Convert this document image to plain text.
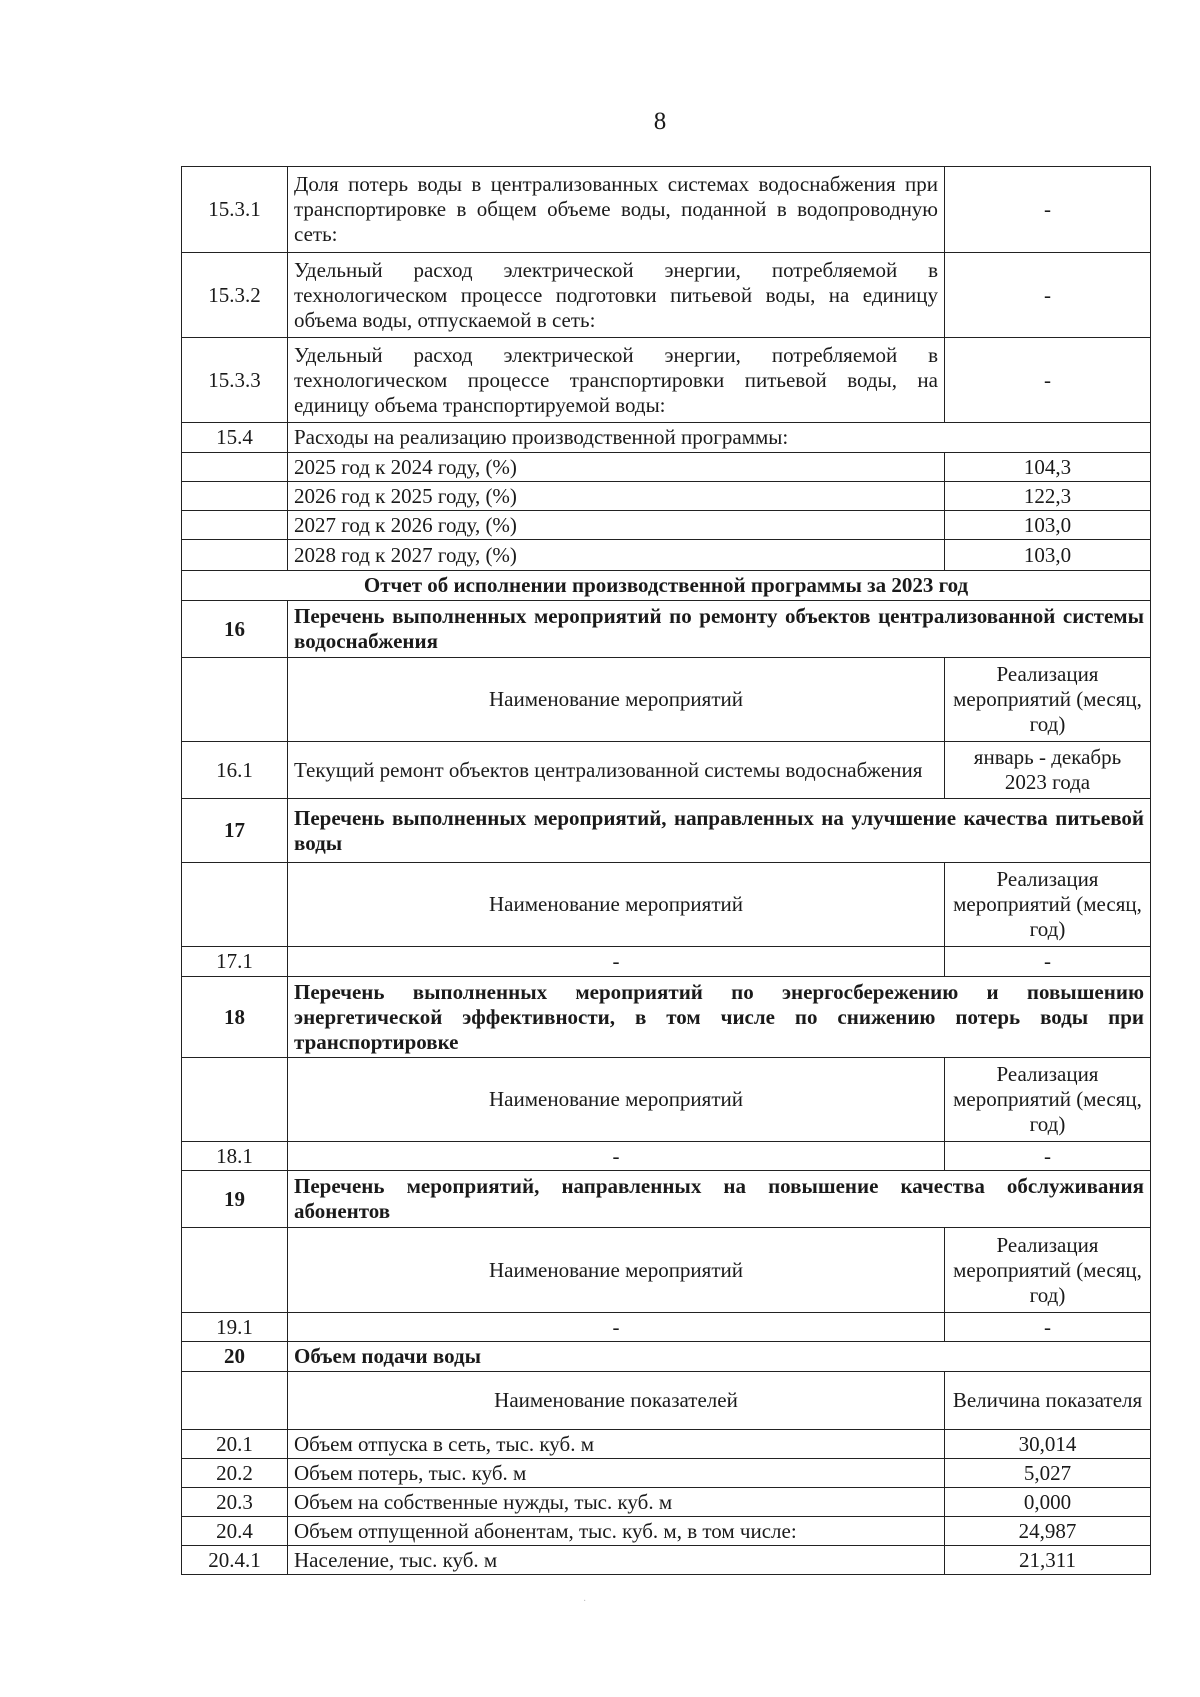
8
15.3.1	Доля потерь воды в централизованных системах водоснабжения при транспортировке в общем объеме воды, поданной в водопроводную сеть:	-
15.3.2	Удельный расход электрической энергии, потребляемой в технологическом процессе подготовки питьевой воды, на единицу объема воды, отпускаемой в сеть:	-
15.3.3	Удельный расход электрической энергии, потребляемой в технологическом процессе транспортировки питьевой воды, на единицу объема транспортируемой воды:	-
15.4	Расходы на реализацию производственной программы:	
	2025 год к 2024 году, (%)	104,3
	2026 год к 2025 году, (%)	122,3
	2027 год к 2026 году, (%)	103,0
	2028 год к 2027 году, (%)	103,0
Отчет об исполнении производственной программы за 2023 год		
16	Перечень выполненных мероприятий по ремонту объектов централизованной системы водоснабжения	
	Наименование мероприятий	Реализация мероприятий (месяц, год)
16.1	Текущий ремонт объектов централизованной системы водоснабжения	январь - декабрь 2023 года
17	Перечень выполненных мероприятий, направленных на улучшение качества питьевой воды	
	Наименование мероприятий	Реализация мероприятий (месяц, год)
17.1	-	-
18	Перечень выполненных мероприятий по энергосбережению и повышению энергетической эффективности, в том числе по снижению потерь воды при транспортировке	
	Наименование мероприятий	Реализация мероприятий (месяц, год)
18.1	-	-
19	Перечень мероприятий, направленных на повышение качества обслуживания абонентов	
	Наименование мероприятий	Реализация мероприятий (месяц, год)
19.1	-	-
20	Объем подачи воды	
	Наименование показателей	Величина показателя
20.1	Объем отпуска в сеть, тыс. куб. м	30,014
20.2	Объем потерь, тыс. куб. м	5,027
20.3	Объем на собственные нужды, тыс. куб. м	0,000
20.4	Объем отпущенной абонентам, тыс. куб. м, в том числе:	24,987
20.4.1	Население, тыс. куб. м	21,311
·
